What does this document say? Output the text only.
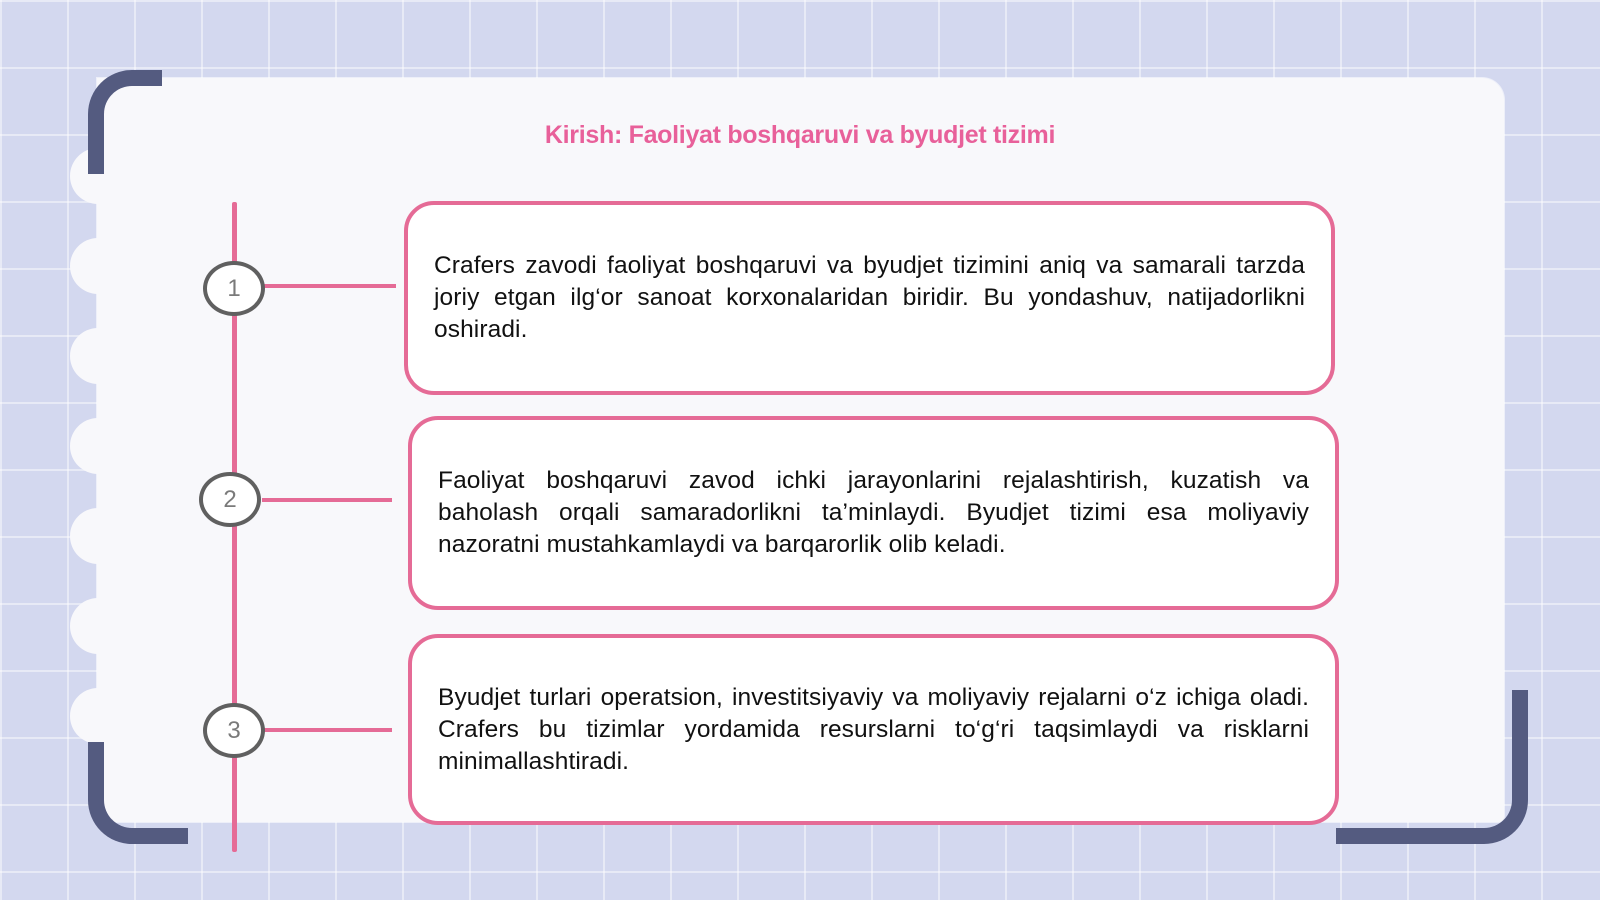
Kirish: Faoliyat boshqaruvi va byudjet tizimi
1
Crafers zavodi faoliyat boshqaruvi va byudjet tizimini aniq va samarali tarzda joriy etgan ilg‘or sanoat korxonalaridan biridir. Bu yondashuv, natijadorlikni oshiradi.
2
Faoliyat boshqaruvi zavod ichki jarayonlarini rejalashtirish, kuzatish va baholash orqali samaradorlikni ta’minlaydi. Byudjet tizimi esa moliyaviy nazoratni mustahkamlaydi va barqarorlik olib keladi.
3
Byudjet turlari operatsion, investitsiyaviy va moliyaviy rejalarni o‘z ichiga oladi. Crafers bu tizimlar yordamida resurslarni to‘g‘ri taqsimlaydi va risklarni minimallashtiradi.
